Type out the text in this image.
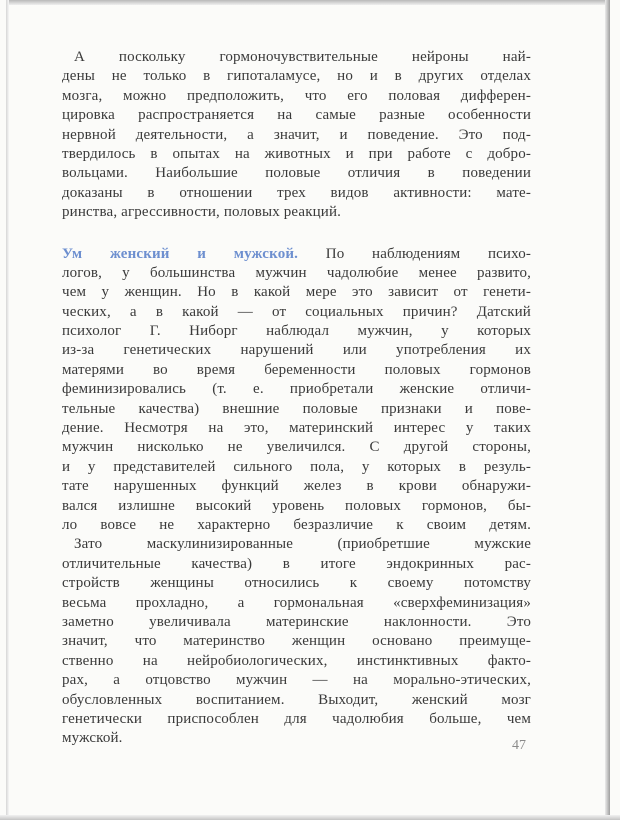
А поскольку гормоночувствительные нейроны най-
дены не только в гипоталамусе, но и в других отделах
мозга, можно предположить, что его половая дифферен-
цировка распространяется на самые разные особенности
нервной деятельности, а значит, и поведение. Это под-
твердилось в опытах на животных и при работе с добро-
вольцами. Наибольшие половые отличия в поведении
доказаны в отношении трех видов активности: мате-
ринства, агрессивности, половых реакций.
Ум женский и мужской. По наблюдениям психо-
логов, у большинства мужчин чадолюбие менее развито,
чем у женщин. Но в какой мере это зависит от генети-
ческих, а в какой — от социальных причин? Датский
психолог Г. Ниборг наблюдал мужчин, у которых
из-за генетических нарушений или употребления их
матерями во время беременности половых гормонов
феминизировались (т. е. приобретали женские отличи-
тельные качества) внешние половые признаки и пове-
дение. Несмотря на это, материнский интерес у таких
мужчин нисколько не увеличился. С другой стороны,
и у представителей сильного пола, у которых в резуль-
тате нарушенных функций желез в крови обнаружи-
вался излишне высокий уровень половых гормонов, бы-
ло вовсе не характерно безразличие к своим детям.
Зато маскулинизированные (приобретшие мужские
отличительные качества) в итоге эндокринных рас-
стройств женщины относились к своему потомству
весьма прохладно, а гормональная «сверхфеминизация»
заметно увеличивала материнские наклонности. Это
значит, что материнство женщин основано преимуще-
ственно на нейробиологических, инстинктивных факто-
рах, а отцовство мужчин — на морально-этических,
обусловленных воспитанием. Выходит, женский мозг
генетически приспособлен для чадолюбия больше, чем
мужской.	47
